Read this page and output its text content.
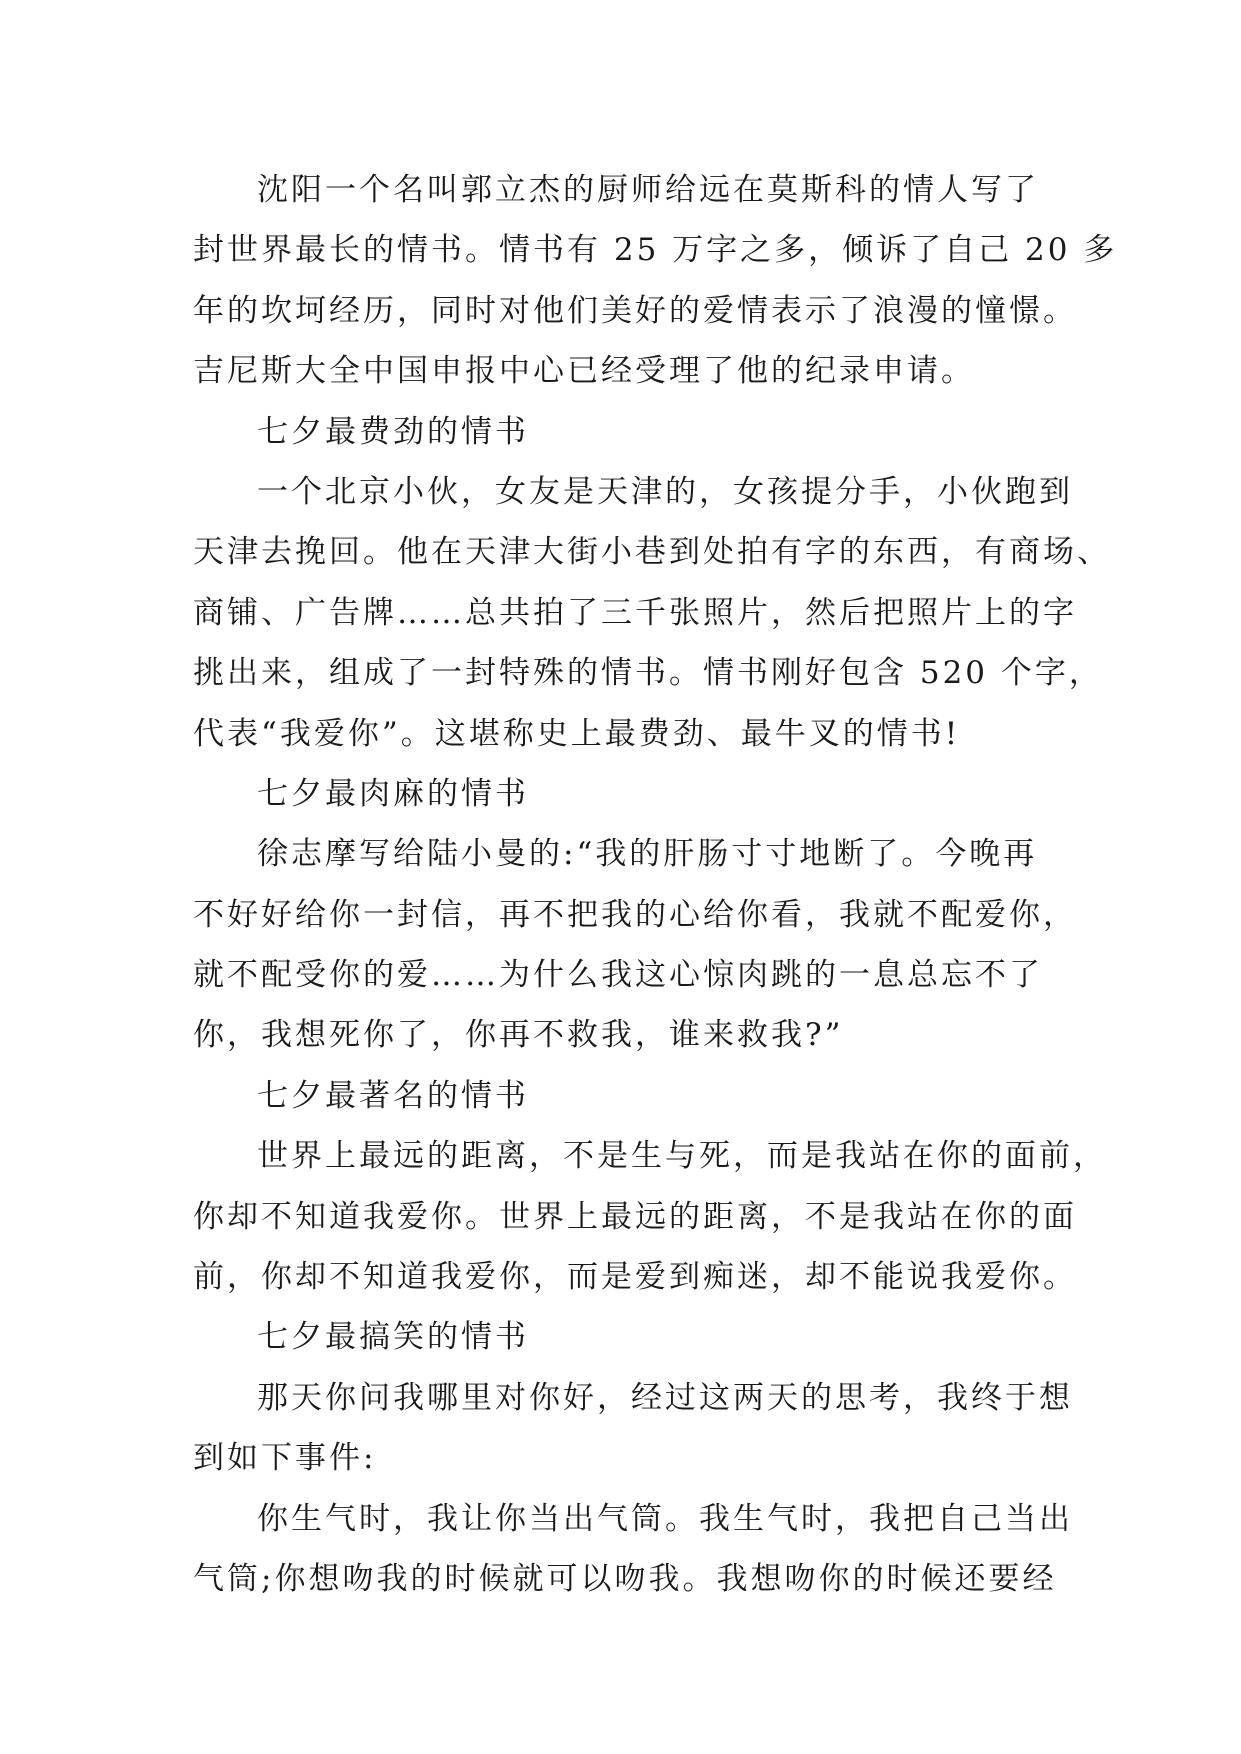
沈阳一个名叫郭立杰的厨师给远在莫斯科的情人写了
封世界最长的情书。情书有 25 万字之多，倾诉了自己 20 多
年的坎坷经历，同时对他们美好的爱情表示了浪漫的憧憬。
吉尼斯大全中国申报中心已经受理了他的纪录申请。
七夕最费劲的情书
一个北京小伙，女友是天津的，女孩提分手，小伙跑到
天津去挽回。他在天津大街小巷到处拍有字的东西，有商场、
商铺、广告牌……总共拍了三千张照片，然后把照片上的字
挑出来，组成了一封特殊的情书。情书刚好包含 520 个字，
代表“我爱你”。这堪称史上最费劲、最牛叉的情书!
七夕最肉麻的情书
徐志摩写给陆小曼的:“我的肝肠寸寸地断了。今晚再
不好好给你一封信，再不把我的心给你看，我就不配爱你，
就不配受你的爱……为什么我这心惊肉跳的一息总忘不了
你，我想死你了，你再不救我，谁来救我?”
七夕最著名的情书
世界上最远的距离，不是生与死，而是我站在你的面前，
你却不知道我爱你。世界上最远的距离，不是我站在你的面
前，你却不知道我爱你，而是爱到痴迷，却不能说我爱你。
七夕最搞笑的情书
那天你问我哪里对你好，经过这两天的思考，我终于想
到如下事件:
你生气时，我让你当出气筒。我生气时，我把自己当出
气筒;你想吻我的时候就可以吻我。我想吻你的时候还要经
